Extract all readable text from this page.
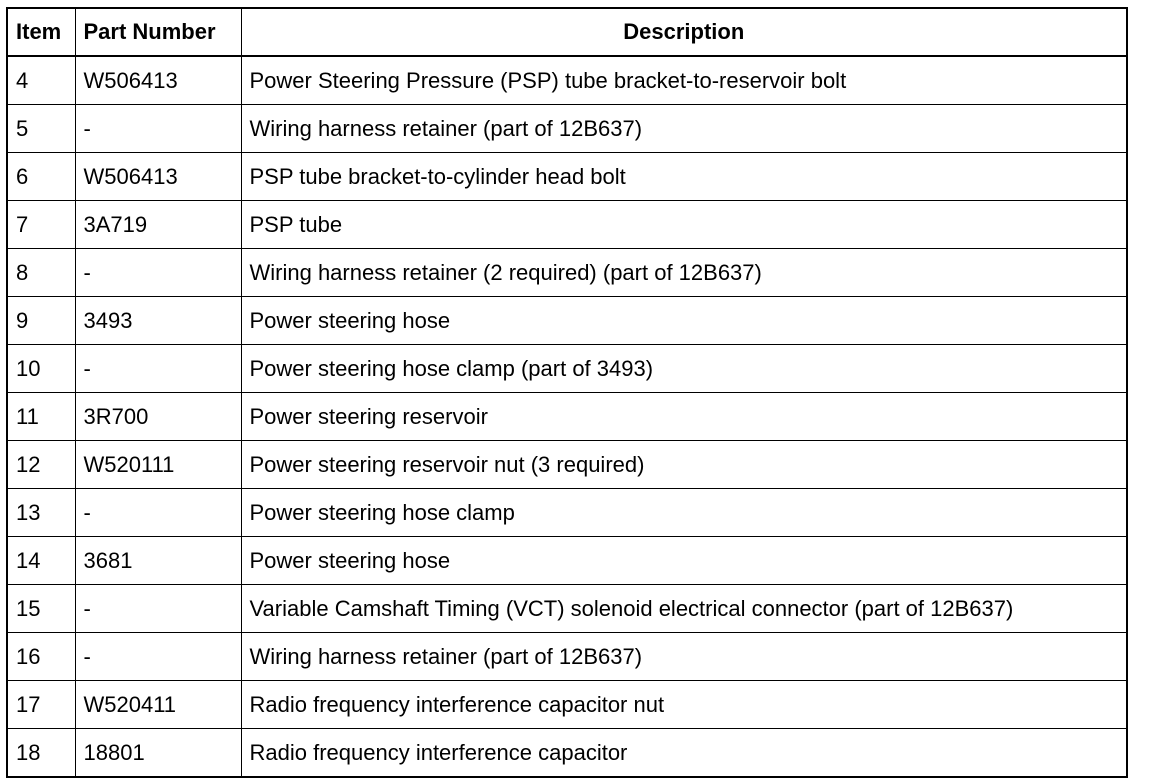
Item	Part Number	Description
4	W506413	Power Steering Pressure (PSP) tube bracket-to-reservoir bolt
5	-	Wiring harness retainer (part of 12B637)
6	W506413	PSP tube bracket-to-cylinder head bolt
7	3A719	PSP tube
8	-	Wiring harness retainer (2 required) (part of 12B637)
9	3493	Power steering hose
10	-	Power steering hose clamp (part of 3493)
11	3R700	Power steering reservoir
12	W520111	Power steering reservoir nut (3 required)
13	-	Power steering hose clamp
14	3681	Power steering hose
15	-	Variable Camshaft Timing (VCT) solenoid electrical connector (part of 12B637)
16	-	Wiring harness retainer (part of 12B637)
17	W520411	Radio frequency interference capacitor nut
18	18801	Radio frequency interference capacitor
